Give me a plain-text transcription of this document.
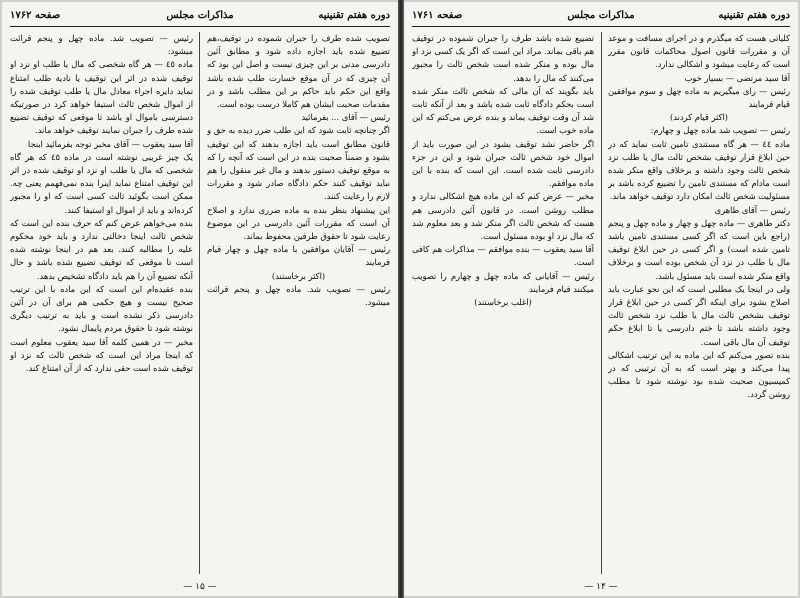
دوره هفتم تقنینیه
مذاکرات مجلس
صفحه ۱۷۶۲

تصویب شده طرف را جبران شموده در توقیف،هم تضییع شده باید اجازه داده شود و مطابق آئین دادرسی مدنی بر این چیزی نیست و اصل این بود که آن چیزی که در آن موقع خسارت طلب شده باشد واقع این حکم باید حاکم بر این مطلب باشد و در مقدمات صحبت ایشان هم کاملا درست بوده است.

رئیس — آقای ... بفرمائید

اگر چنانچه ثابت شود که این طلب ضرر دیده به حق و قانون مطابق است باید اجازه بدهند که این توقیف بشود و ضمناً صحبت بنده در این است که آنچه را که به موقع توقیف دستور بدهند و مال غیر منقول را هم نباید توقیف کنند حکم دادگاه صادر شود و مقررات لازم را رعایت کنند.

این پیشنهاد بنظر بنده به ماده ضرری ندارد و اصلاح آن است که مقررات آئین دادرسی در این موضوع رعایت شود تا حقوق طرفین محفوظ بماند.

رئیس — آقایان موافقین با ماده چهل و چهار قیام فرمایند

(اکثر برخاستند)

رئیس — تصویب شد. ماده چهل و پنجم قرائت میشود.

رئیس — تصویب شد. ماده چهل و پنجم قرائت میشود:

ماده ٤٥ — هر گاه شخصی که مال یا طلب او نزد او توقیف شده در اثر این توقیف یا نادیة طلب امتناع نماید دایره اجراء معادل مال یا طلب توقیف شده را از اموال شخص ثالث استیفا خواهد کرد در صورتیکه دسترسی باموال او باشد تا موقعی که توقیف تضییع شده طرف را جبران نمایند توقیف خواهد ماند.

آقا سید یعقوب — آقای مخبر توجه بفرمائید اینجا

یک چیز غریبی نوشته است در ماده ٤٥ که هر گاه شخصی که مال یا طلب او نزد او توقیف شده در اثر این توقیف امتناع نماید اینرا بنده نمی‌فهمم یعنی چه. ممکن است بگوئید ثالث کسی است که او را مجبور کرده‌اند و باید از اموال او استیفا کنند.

بنده می‌خواهم عرض کنم که حرف بنده این است که شخص ثالث اینجا دخالتی ندارد و باید خود محکوم علیه را مطالبه کنند. بعد هم در اینجا نوشته شده است تا موقعی که توقیف تضییع شده باشد و حال آنکه تضییع آن را هم باید دادگاه تشخیص بدهد.

بنده عقیده‌ام این است که این ماده با این ترتیب صحیح نیست و هیچ حکمی هم برای آن در آئین دادرسی ذکر نشده است و باید به ترتیب دیگری نوشته شود تا حقوق مردم پایمال نشود.

مخبر — در همین کلمه آقا سید یعقوب معلوم است که اینجا مراد این است که شخص ثالث که نزد او توقیف شده است حقی ندارد که از آن امتناع کند.

— ۱۵ —
دوره هفتم تقنینیه
مذاکرات مجلس
صفحه ۱۷۶۱

کلیاتی هست که میگذرم و در اجرای مسافت و موعد آن و مقررات قانون اصول محاکمات قانون مقرر است که رعایت میشود و اشکالی ندارد.

آقا سید مرتضی — بسیار خوب

رئیس — رای میگیریم به ماده چهل و سوم موافقین قیام فرمایند

(اکثر قیام کردند)

رئیس — تصویب شد ماده چهل و چهارم:

ماده ٤٤ — هر گاه مستندی تامین ثابت نماید که در حین ابلاغ قرار توقیف بشخص ثالث مال یا طلب نزد شخص ثالث وجود داشته و برخلاف واقع منکر شده است مادام که مستندی تامین را تضییع کرده باشد بر مسئولیت شخص ثالث امکان دارد توقیف خواهد ماند.

رئیس — آقای طاهری

دکتر طاهری — ماده چهل و چهار و ماده چهل و پنجم (راجع باین است که اگر کسی مستندی تامین باشد تامین شده است) و اگر کسی در حین ابلاغ توقیف مال یا طلب در نزد آن شخص بوده است و برخلاف واقع منکر شده است باید مسئول باشد.

ولی در اینجا یک مطلبی است که این نحو عبارت باید اصلاح بشود برای اینکه اگر کسی در حین ابلاغ قرار توقیف بشخص ثالث مال یا طلب نزد شخص ثالث وجود داشته باشد تا ختم دادرسی یا تا ابلاغ حکم توقیف آن مال باقی است.

بنده تصور می‌کنم که این ماده به این ترتیب اشکالی پیدا می‌کند و بهتر است که به آن ترتیبی که در کمیسیون صحبت شده بود نوشته شود تا مطلب روشن گردد.

تضییع شده باشد طرف را جبران شموده در توقیف هم باقی بماند. مراد این است که اگر یک کسی نزد او مال بوده و منکر شده است شخص ثالث را مجبور می‌کنند که مال را بدهد.

باید بگویند که آن مالی که شخص ثالث منکر شده است بحکم دادگاه ثابت شده باشد و بعد از آنکه ثابت شد آن وقت توقیف بماند و بنده عرض می‌کنم که این ماده خوب است.

اگر حاضر نشد توقیف بشود در این صورت باید از اموال خود شخص ثالث جبران شود و این در جزء دادرسی ثابت شده است. این است که بنده با این ماده موافقم.

مخبر — عرض کنم که این ماده هیچ اشکالی ندارد و مطلب روشن است. در قانون آئین دادرسی هم هست که شخص ثالث اگر منکر شد و بعد معلوم شد که مال نزد او بوده مسئول است.

آقا سید یعقوب — بنده موافقم — مذاکرات هم کافی است.

رئیس — آقایانی که ماده چهل و چهارم را تصویب میکنند قیام فرمایند

(اغلب برخاستند)

— ۱۴ —
